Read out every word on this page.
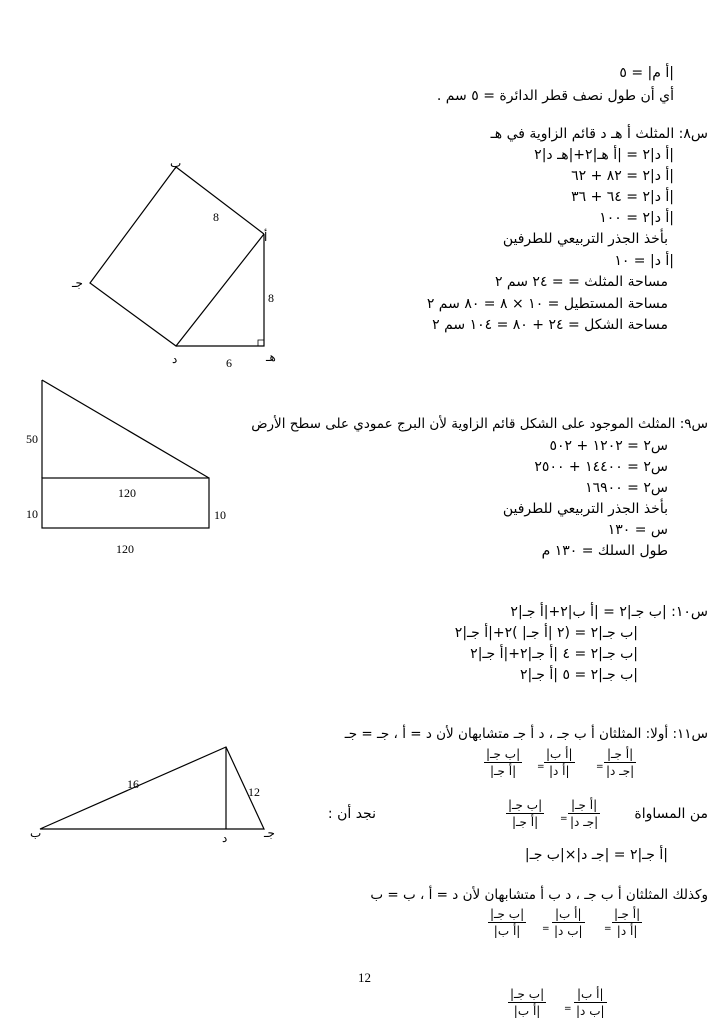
|أ م| = ٥
أي أن طول نصف قطر الدائرة = ٥ سم .
س٨: المثلث أ هـ د قائم الزاوية في هـ
|أ د|٢ = |أ هـ|٢+|هـ د|٢
|أ د|٢ = ٨٢ + ٦٢
|أ د|٢ = ٦٤ + ٣٦
|أ د|٢ = ١٠٠
بأخذ الجذر التربيعي للطرفين
|أ د| = ١٠
مساحة المثلث = = ٢٤ سم ٢
مساحة المستطيل = ١٠ × ٨ = ٨٠ سم ٢
مساحة الشكل = ٢٤ + ٨٠ = ١٠٤ سم ٢
ب
أ
جـ
د	هـ
8
8
6
س٩: المثلث الموجود على الشكل قائم الزاوية لأن البرج عمودي على سطح الأرض
س٢ = ١٢٠٢ + ٥٠٢
س٢ = ١٤٤٠٠ + ٢٥٠٠
س٢ = ١٦٩٠٠
بأخذ الجذر التربيعي للطرفين
س = ١٣٠
طول السلك = ١٣٠ م
50
10	10
120
120
س١٠: |ب جـ|٢ = |أ ب|٢+|أ جـ|٢
|ب جـ|٢ = (٢ |أ جـ| )٢+|أ جـ|٢
|ب جـ|٢ = ٤ |أ جـ|٢+|أ جـ|٢
|ب جـ|٢ = ٥ |أ جـ|٢
س١١: أولا: المثلثان أ ب جـ ، د أ جـ متشابهان لأن د = أ ، جـ = جـ
|أ جـ|
|جـ د|
=
|أ ب|
|أ د|
=
|ب جـ|
|أ جـ|
من المساواة
|أ جـ|
|جـ د|
=
|ب جـ|
|أ جـ|
نجد أن :
|أ جـ|٢ = |جـ د|×|ب جـ|
ب	د	جـ
16
12
وكذلك المثلثان أ ب جـ ، د ب أ متشابهان لأن د = أ ، ب = ب
|أ جـ|
|أ د|
=
|أ ب|
|ب د|
=
|ب جـ|
|أ ب|
|أ ب|
|ب د|
=
|ب جـ|
|أ ب|
12
